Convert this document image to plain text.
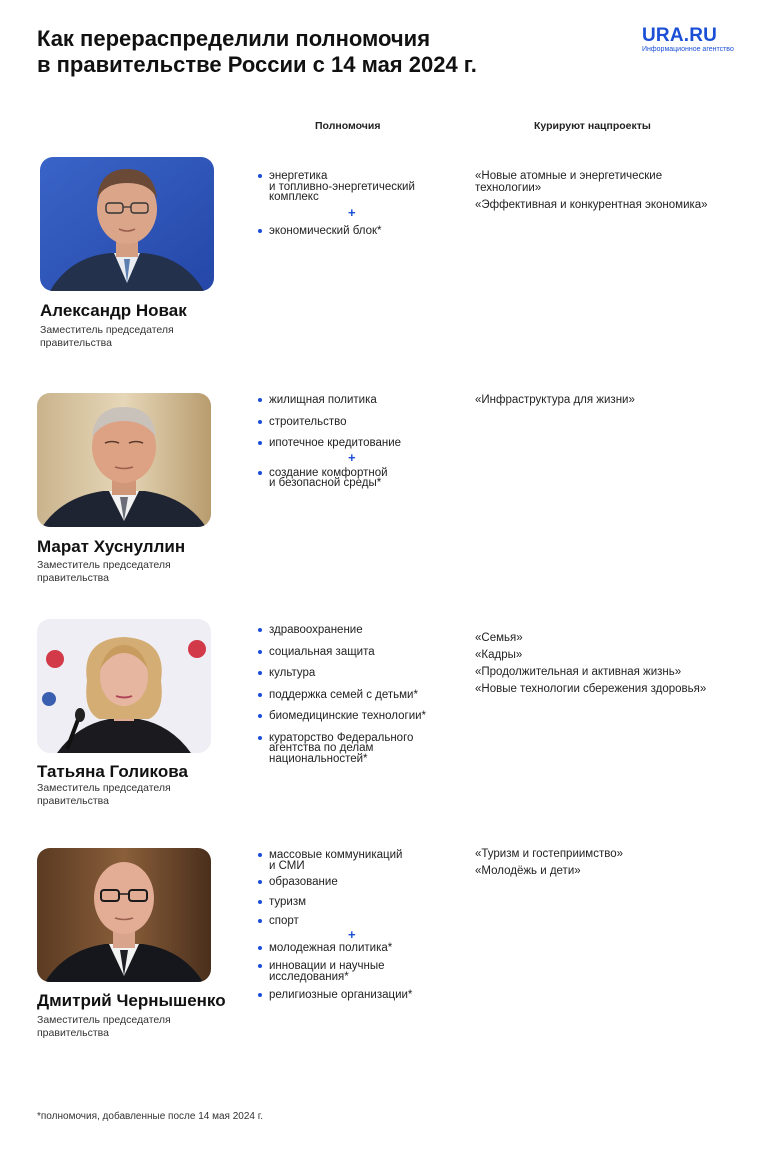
Как перераспределили полномочия
в правительстве России с 14 мая 2024 г.
URA.RU
Информационное агентство
Полномочия	Курируют нацпроекты
Александр Новак
Заместитель председателя
правительства
энергетика
и топливно-энергетический
комплекс
+
экономический блок*
«Новые атомные и энергетические
технологии»
«Эффективная и конкурентная экономика»
Марат Хуснуллин
Заместитель председателя
правительства
жилищная политика
строительство
ипотечное кредитование
+
создание комфортной
и безопасной среды*
«Инфраструктура для жизни»
Татьяна Голикова
Заместитель председателя
правительства
здравоохранение
социальная защита
культура
поддержка семей с детьми*
биомедицинские технологии*
кураторство Федерального
агентства по делам
национальностей*
«Семья»
«Кадры»
«Продолжительная и активная жизнь»
«Новые технологии сбережения здоровья»
Дмитрий Чернышенко
Заместитель председателя
правительства
массовые коммуникаций
и СМИ
образование
туризм
спорт
+
молодежная политика*
инновации и научные
исследования*
религиозные организации*
«Туризм и гостеприимство»
«Молодёжь и дети»
*полномочия, добавленные после 14 мая 2024 г.
